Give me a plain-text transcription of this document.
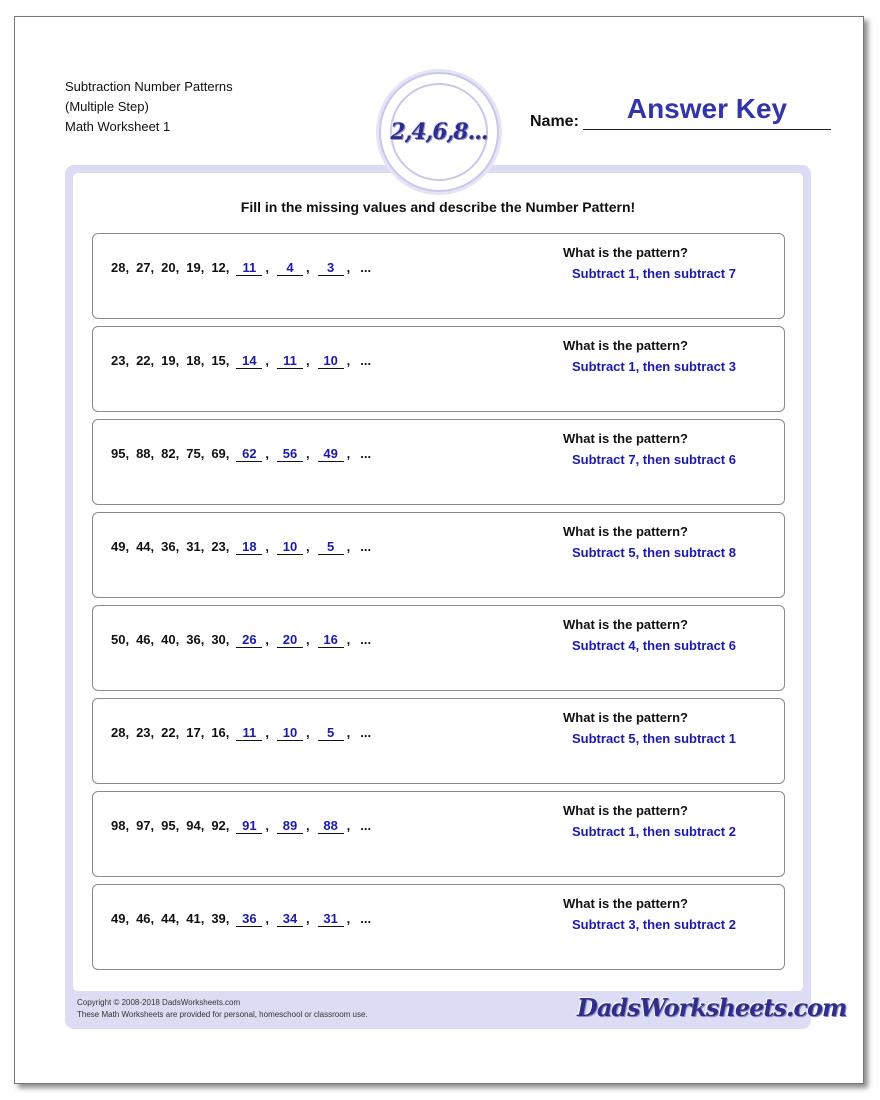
Subtraction Number Patterns
(Multiple Step)
Math Worksheet 1	2,4,6,8...	Name:	Answer Key
Fill in the missing values and describe the Number Pattern!
28, 27, 20, 19, 12, 11 , 4 , 3 , ...
What is the pattern?
Subtract 1, then subtract 7
23, 22, 19, 18, 15, 14 , 11 , 10 , ...
What is the pattern?
Subtract 1, then subtract 3
95, 88, 82, 75, 69, 62 , 56 , 49 , ...
What is the pattern?
Subtract 7, then subtract 6
49, 44, 36, 31, 23, 18 , 10 , 5 , ...
What is the pattern?
Subtract 5, then subtract 8
50, 46, 40, 36, 30, 26 , 20 , 16 , ...
What is the pattern?
Subtract 4, then subtract 6
28, 23, 22, 17, 16, 11 , 10 , 5 , ...
What is the pattern?
Subtract 5, then subtract 1
98, 97, 95, 94, 92, 91 , 89 , 88 , ...
What is the pattern?
Subtract 1, then subtract 2
49, 46, 44, 41, 39, 36 , 34 , 31 , ...
What is the pattern?
Subtract 3, then subtract 2
Copyright © 2008-2018 DadsWorksheets.com
These Math Worksheets are provided for personal, homeschool or classroom use.	DadsWorksheets.com
